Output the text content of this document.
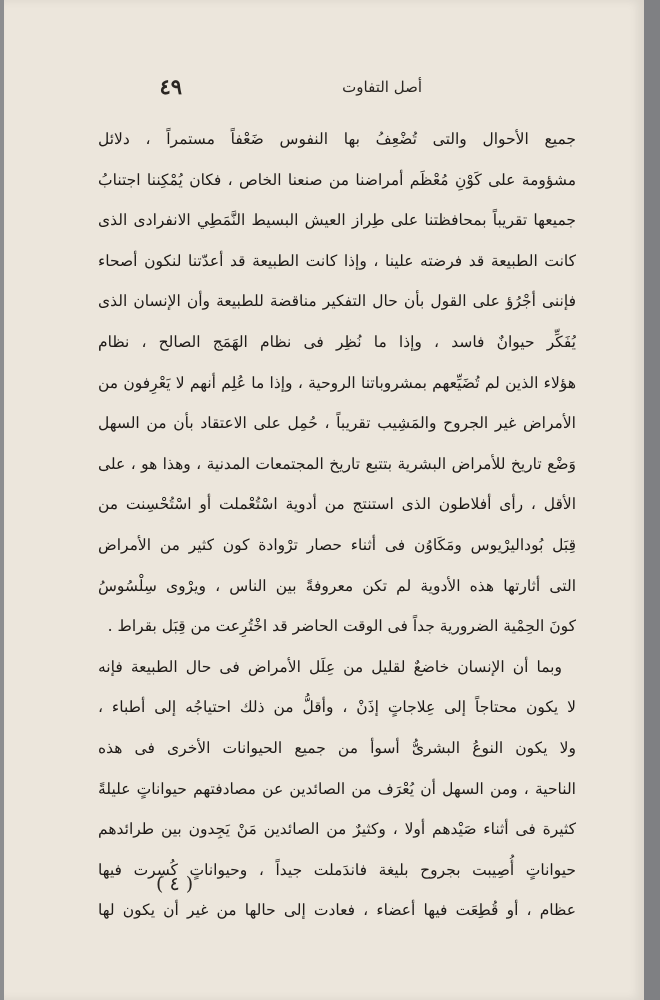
أصل التفاوت
٤٩
جميع الأحوال والتى تُضْعِفُ بها النفوس ضَعْفاً مستمراً ، دلائل
مشؤومة على كَوْنِ مُعْظَم أمراضنا من صنعنا الخاص ، فكان يُمْكِننا اجتنابُ
جميعها تقريباً بمحافظتنا على طِراز العيش البسيط النَّمَطِي الانفرادى الذى
كانت الطبيعة قد فرضته علينا ، وإذا كانت الطبيعة قد أعدّتنا لنكون أصحاء
فإننى أجْرُؤ على القول بأن حال التفكير مناقضة للطبيعة وأن الإنسان الذى
يُفَكِّر حيوانٌ فاسد ، وإذا ما نُظِر فى نظام الهَمَج الصالح ، نظام
هؤلاء الذين لم تُضَيِّعهم بمشروباتنا الروحية ، وإذا ما عُلِم أنهم لا يَعْرِفون من
الأمراض غير الجروح والمَشِيب تقريباً ، حُمِل على الاعتقاد بأن من السهل
وَضْع تاريخ للأمراض البشرية بتتبع تاريخ المجتمعات المدنية ، وهذا هو ، على
الأقل ، رأى أفلاطون الذى استنتج من أدوية اسْتُعْملت أو اسْتُحْسِنت من
قِبَل بُوداليرْيوس ومَكَاوُن فى أثناء حصار ترْوادة كون كثير من الأمراض
التى أثارتها هذه الأدوية لم تكن معروفةً بين الناس ، ويرْوى سِلْسُوسُ
كونَ الحِمْية الضرورية جداً فى الوقت الحاضر قد اخْتُرِعت من قِبَل بقراط .
وبما أن الإنسان خاضعٌ لقليل من عِلَل الأمراض فى حال الطبيعة فإنه
لا يكون محتاجاً إلى عِلاجاتٍ إذَنْ ، وأقلُّ من ذلك احتياجُه إلى أطباء ،
ولا يكون النوعُ البشرىُّ أسوأ من جميع الحيوانات الأخرى فى هذه
الناحية ، ومن السهل أن يُعْرَف من الصائدين عن مصادفتهم حيواناتٍ عليلةً
كثيرة فى أثناء صَيْدهم أولا ، وكثيرٌ من الصائدين مَنْ يَجِدون بين طرائدهم
حيواناتٍ أُصِيبت بجروح بليغة فاندَملت جيداً ، وحيواناتٍ كُسِرت فيها
عظام ، أو قُطِعَت فيها أعضاء ، فعادت إلى حالها من غير أن يكون لها
( ٤ )
